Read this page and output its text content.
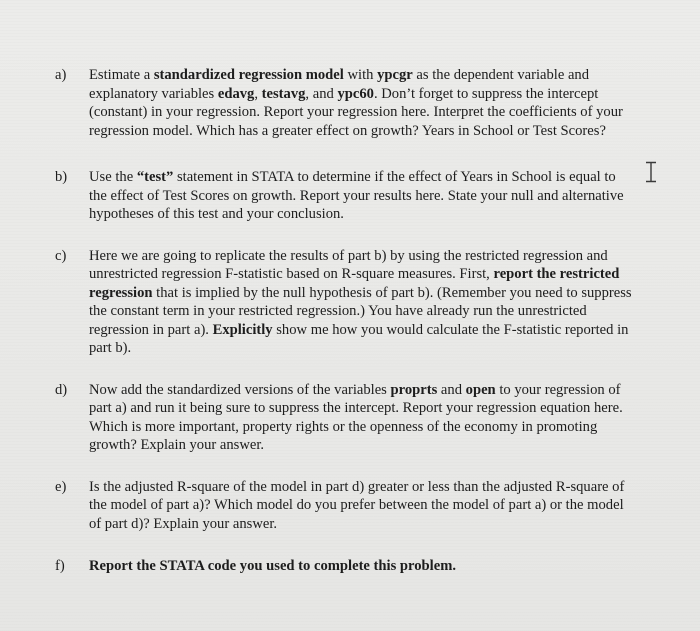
a)	Estimate a standardized regression model with ypcgr as the dependent variable and explanatory variables edavg, testavg, and ypc60. Don’t forget to suppress the intercept (constant) in your regression. Report your regression here. Interpret the coefficients of your regression model. Which has a greater effect on growth? Years in School or Test Scores?
b)	Use the “test” statement in STATA to determine if the effect of Years in School is equal to the effect of Test Scores on growth. Report your results here. State your null and alternative hypotheses of this test and your conclusion.
c)	Here we are going to replicate the results of part b) by using the restricted regression and unrestricted regression F-statistic based on R-square measures. First, report the restricted regression that is implied by the null hypothesis of part b). (Remember you need to suppress the constant term in your restricted regression.) You have already run the unrestricted regression in part a). Explicitly show me how you would calculate the F-statistic reported in part b).
d)	Now add the standardized versions of the variables proprts and open to your regression of part a) and run it being sure to suppress the intercept. Report your regression equation here. Which is more important, property rights or the openness of the economy in promoting growth? Explain your answer.
e)	Is the adjusted R-square of the model in part d) greater or less than the adjusted R-square of the model of part a)? Which model do you prefer between the model of part a) or the model of part d)? Explain your answer.
f)	Report the STATA code you used to complete this problem.
